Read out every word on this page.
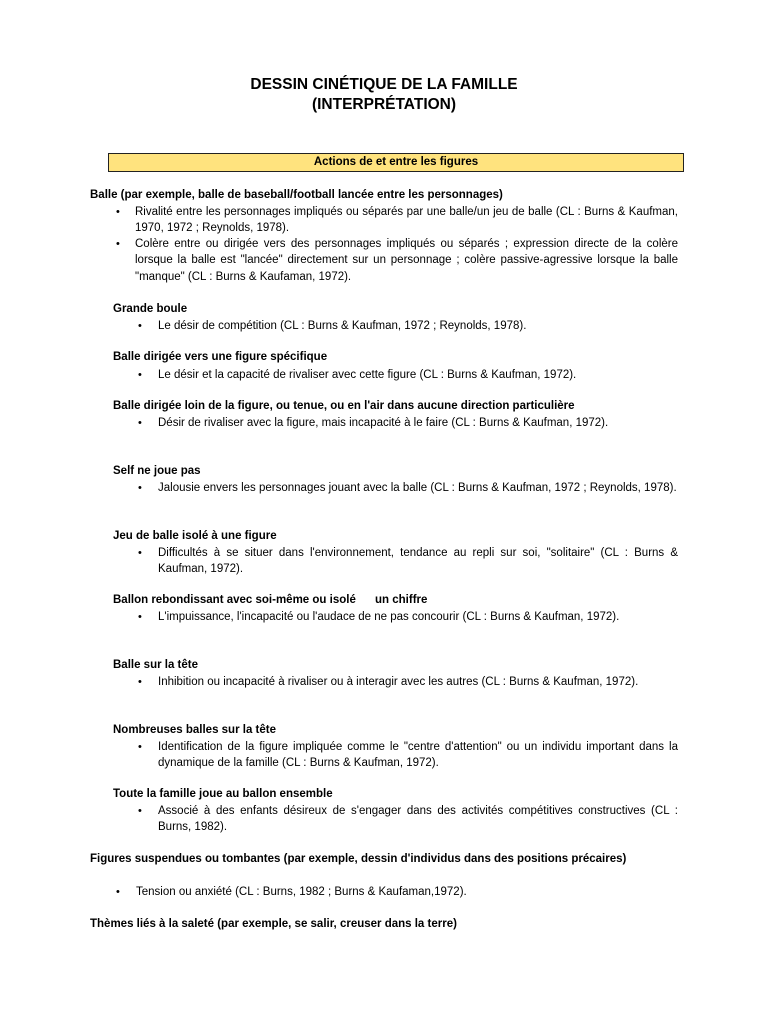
DESSIN CINÉTIQUE DE LA FAMILLE
(INTERPRÉTATION)
Actions de et entre les figures
Balle (par exemple, balle de baseball/football lancée entre les personnages)
• Rivalité entre les personnages impliqués ou séparés par une balle/un jeu de balle (CL : Burns & Kaufman, 1970, 1972 ; Reynolds, 1978).
• Colère entre ou dirigée vers des personnages impliqués ou séparés ; expression directe de la colère lorsque la balle est "lancée" directement sur un personnage ; colère passive-agressive lorsque la balle "manque" (CL : Burns & Kaufaman, 1972).
Grande boule
• Le désir de compétition (CL : Burns & Kaufman, 1972 ; Reynolds, 1978).
Balle dirigée vers une figure spécifique
• Le désir et la capacité de rivaliser avec cette figure (CL : Burns & Kaufman, 1972).
Balle dirigée loin de la figure, ou tenue, ou en l'air dans aucune direction particulière
• Désir de rivaliser avec la figure, mais incapacité à le faire (CL : Burns & Kaufman, 1972).
Self ne joue pas
• Jalousie envers les personnages jouant avec la balle (CL : Burns & Kaufman, 1972 ; Reynolds, 1978).
Jeu de balle isolé à une figure
• Difficultés à se situer dans l'environnement, tendance au repli sur soi, "solitaire" (CL : Burns & Kaufman, 1972).
Ballon rebondissant avec soi-même ou isolé      un chiffre
• L'impuissance, l'incapacité ou l'audace de ne pas concourir (CL : Burns & Kaufman, 1972).
Balle sur la tête
• Inhibition ou incapacité à rivaliser ou à interagir avec les autres (CL : Burns & Kaufman, 1972).
Nombreuses balles sur la tête
• Identification de la figure impliquée comme le "centre d'attention" ou un individu important dans la dynamique de la famille (CL : Burns & Kaufman, 1972).
Toute la famille joue au ballon ensemble
• Associé à des enfants désireux de s'engager dans des activités compétitives constructives (CL : Burns, 1982).
Figures suspendues ou tombantes (par exemple, dessin d'individus dans des positions précaires)
• Tension ou anxiété (CL : Burns, 1982 ; Burns & Kaufaman,1972).
Thèmes liés à la saleté (par exemple, se salir, creuser dans la terre)
